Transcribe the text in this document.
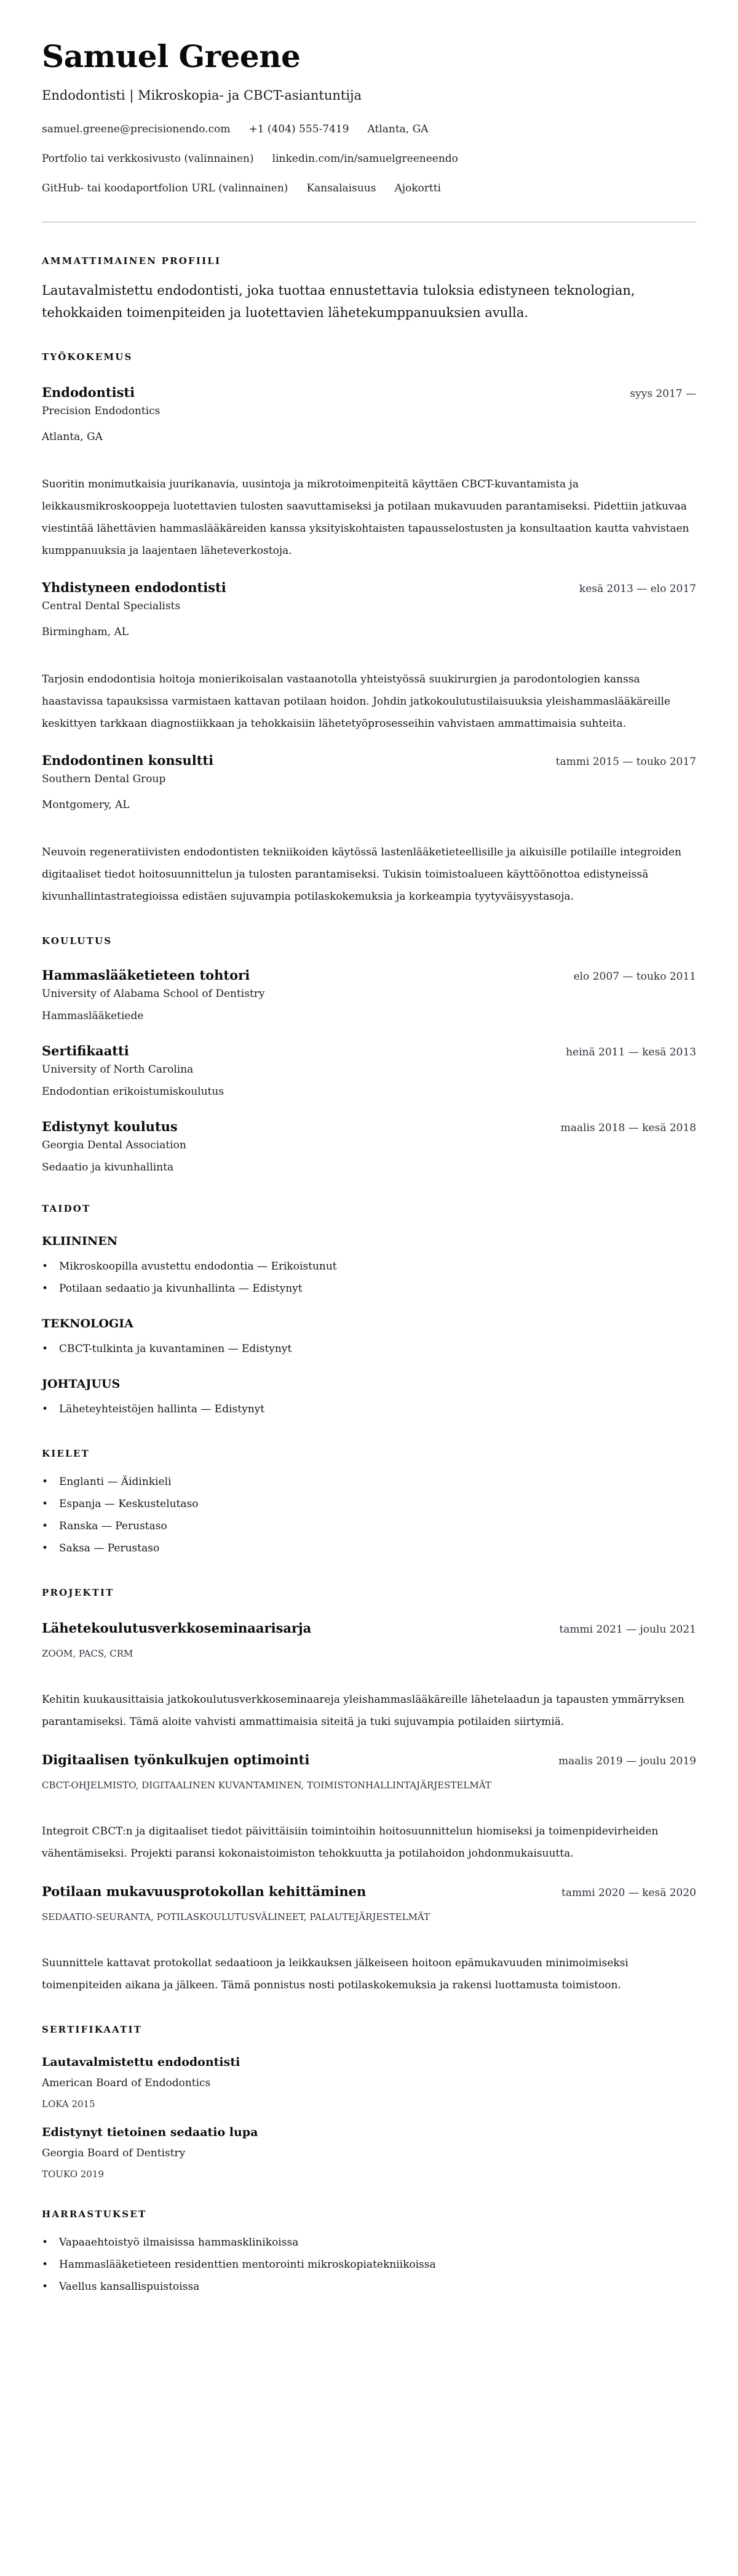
Samuel Greene
Endodontisti | Mikroskopia- ja CBCT-asiantuntija
samuel.greene@precisionendo.com +1 (404) 555-7419 Atlanta, GA
Portfolio tai verkkosivusto (valinnainen) linkedin.com/in/samuelgreeneendo
GitHub- tai koodaportfolion URL (valinnainen) Kansalaisuus Ajokortti
AMMATTIMAINEN PROFIILI

Lautavalmistettu endodontisti, joka tuottaa ennustettavia tuloksia edistyneen teknologian, tehokkaiden toimenpiteiden ja luotettavien lähetekumppanuuksien avulla.

TYÖKOKEMUS
Endodontisti	syys 2017 —
Precision Endodontics
Atlanta, GA

Suoritin monimutkaisia juurikanavia, uusintoja ja mikrotoimenpiteitä käyttäen CBCT-kuvantamista ja leikkausmikroskooppeja luotettavien tulosten saavuttamiseksi ja potilaan mukavuuden parantamiseksi. Pidettiin jatkuvaa viestintää lähettävien hammaslääkäreiden kanssa yksityiskohtaisten tapausselostusten ja konsultaation kautta vahvistaen kumppanuuksia ja laajentaen läheteverkostoja.

Yhdistyneen endodontisti	kesä 2013 — elo 2017
Central Dental Specialists
Birmingham, AL

Tarjosin endodontisia hoitoja monierikoisalan vastaanotolla yhteistyössä suukirurgien ja parodontologien kanssa haastavissa tapauksissa varmistaen kattavan potilaan hoidon. Johdin jatkokoulutustilaisuuksia yleishammaslääkäreille keskittyen tarkkaan diagnostiikkaan ja tehokkaisiin lähetetyöprosesseihin vahvistaen ammattimaisia suhteita.

Endodontinen konsultti	tammi 2015 — touko 2017
Southern Dental Group
Montgomery, AL

Neuvoin regeneratiivisten endodontisten tekniikoiden käytössä lastenlääketieteellisille ja aikuisille potilaille integroiden digitaaliset tiedot hoitosuunnittelun ja tulosten parantamiseksi. Tukisin toimistoalueen käyttöönottoa edistyneissä kivunhallintastrategioissa edistäen sujuvampia potilaskokemuksia ja korkeampia tyytyväisyystasoja.

KOULUTUS
Hammaslääketieteen tohtori	elo 2007 — touko 2011
University of Alabama School of Dentistry
Hammaslääketiede
Sertifikaatti	heinä 2011 — kesä 2013
University of North Carolina
Endodontian erikoistumiskoulutus
Edistynyt koulutus	maalis 2018 — kesä 2018
Georgia Dental Association
Sedaatio ja kivunhallinta
TAIDOT
KLIININEN
• Mikroskoopilla avustettu endodontia — Erikoistunut
• Potilaan sedaatio ja kivunhallinta — Edistynyt
TEKNOLOGIA
• CBCT-tulkinta ja kuvantaminen — Edistynyt
JOHTAJUUS
• Läheteyhteistöjen hallinta — Edistynyt
KIELET
• Englanti — Äidinkieli
• Espanja — Keskustelutaso
• Ranska — Perustaso
• Saksa — Perustaso
PROJEKTIT
Lähetekoulutusverkkoseminaarisarja	tammi 2021 — joulu 2021
ZOOM, PACS, CRM

Kehitin kuukausittaisia jatkokoulutusverkkoseminaareja yleishammaslääkäreille lähetelaadun ja tapausten ymmärryksen parantamiseksi. Tämä aloite vahvisti ammattimaisia siteitä ja tuki sujuvampia potilaiden siirtymiä.

Digitaalisen työnkulkujen optimointi	maalis 2019 — joulu 2019
CBCT-OHJELMISTO, DIGITAALINEN KUVANTAMINEN, TOIMISTONHALLINTAJÄRJESTELMÄT

Integroit CBCT:n ja digitaaliset tiedot päivittäisiin toimintoihin hoitosuunnittelun hiomiseksi ja toimenpidevirheiden vähentämiseksi. Projekti paransi kokonaistoimiston tehokkuutta ja potilahoidon johdonmukaisuutta.

Potilaan mukavuusprotokollan kehittäminen	tammi 2020 — kesä 2020
SEDAATIO-SEURANTA, POTILASKOULUTUSVÄLINEET, PALAUTEJÄRJESTELMÄT

Suunnittele kattavat protokollat sedaatioon ja leikkauksen jälkeiseen hoitoon epämukavuuden minimoimiseksi toimenpiteiden aikana ja jälkeen. Tämä ponnistus nosti potilaskokemuksia ja rakensi luottamusta toimistoon.

SERTIFIKAATIT
Lautavalmistettu endodontisti
American Board of Endodontics
LOKA 2015
Edistynyt tietoinen sedaatio lupa
Georgia Board of Dentistry
TOUKO 2019
HARRASTUKSET
• Vapaaehtoistyö ilmaisissa hammasklinikoissa
• Hammaslääketieteen residenttien mentorointi mikroskopiatekniikoissa
• Vaellus kansallispuistoissa
